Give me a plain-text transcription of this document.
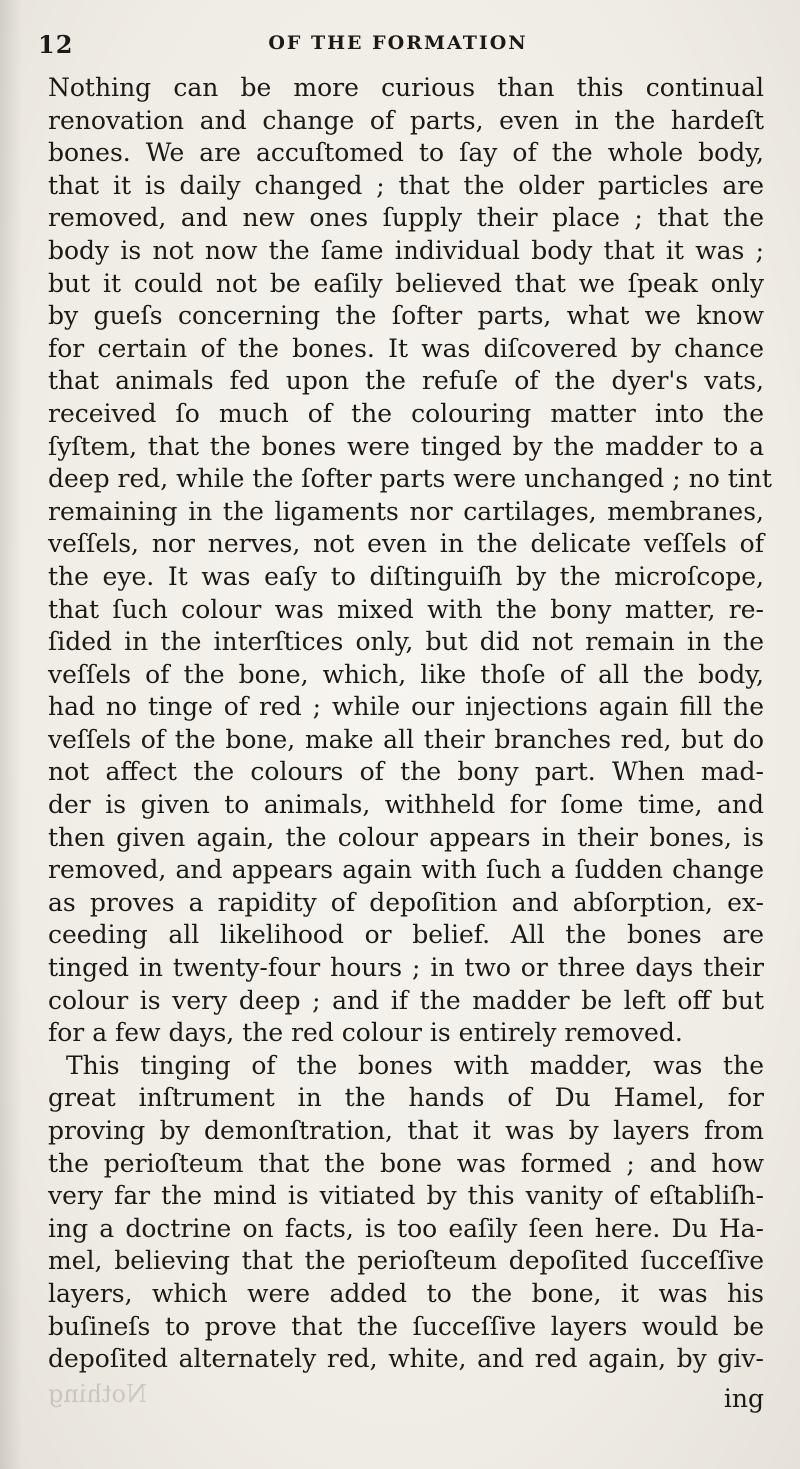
12	OF THE FORMATION
Nothing can be more curious than this continual
renovation and change of parts, even in the hardeſt
bones. We are accuſtomed to ſay of the whole body,
that it is daily changed ; that the older particles are
removed, and new ones ſupply their place ; that the
body is not now the ſame individual body that it was ;
but it could not be eaſily believed that we ſpeak only
by gueſs concerning the ſofter parts, what we know
for certain of the bones. It was diſcovered by chance
that animals fed upon the refuſe of the dyer's vats,
received ſo much of the colouring matter into the
ſyſtem, that the bones were tinged by the madder to a
deep red, while the ſofter parts were unchanged ; no tint
remaining in the ligaments nor cartilages, membranes,
veſſels, nor nerves, not even in the delicate veſſels of
the eye. It was eaſy to diſtinguiſh by the microſcope,
that ſuch colour was mixed with the bony matter, re-
ſided in the interſtices only, but did not remain in the
veſſels of the bone, which, like thoſe of all the body,
had no tinge of red ; while our injections again fill the
veſſels of the bone, make all their branches red, but do
not affect the colours of the bony part. When mad-
der is given to animals, withheld for ſome time, and
then given again, the colour appears in their bones, is
removed, and appears again with ſuch a ſudden change
as proves a rapidity of depoſition and abſorption, ex-
ceeding all likelihood or belief. All the bones are
tinged in twenty-four hours ; in two or three days their
colour is very deep ; and if the madder be left off but
for a few days, the red colour is entirely removed.
This tinging of the bones with madder, was the
great inſtrument in the hands of Du Hamel, for
proving by demonſtration, that it was by layers from
the perioſteum that the bone was formed ; and how
very far the mind is vitiated by this vanity of eſtabliſh-
ing a doctrine on facts, is too eaſily ſeen here. Du Ha-
mel, believing that the perioſteum depoſited ſucceſſive
layers, which were added to the bone, it was his
buſineſs to prove that the ſucceſſive layers would be
depoſited alternately red, white, and red again, by giv-
Nothing	ing
